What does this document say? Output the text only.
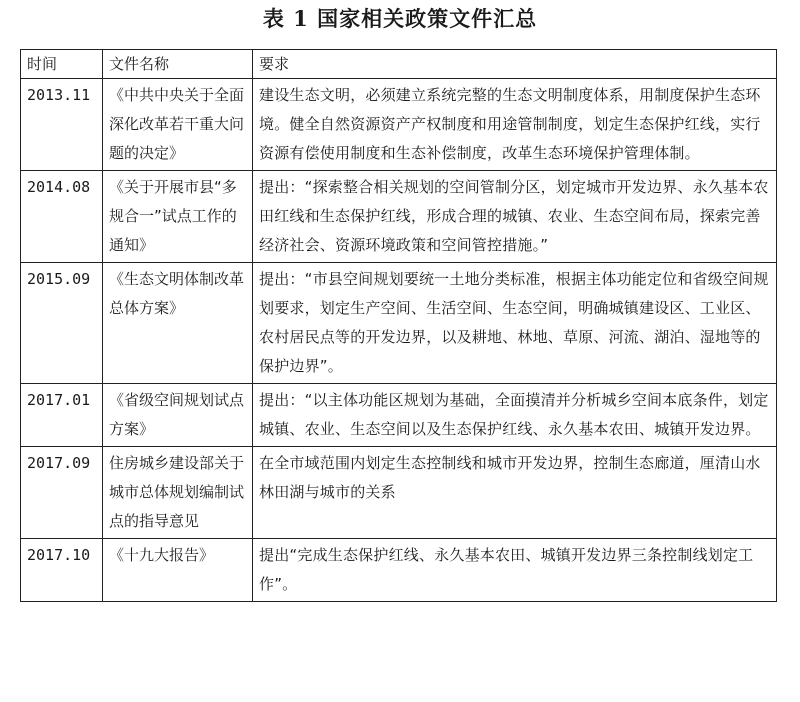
表 1 国家相关政策文件汇总
时间	文件名称	要求
2013.11	《中共中央关于全面深化改革若干重大问题的决定》	建设生态文明，必须建立系统完整的生态文明制度体系，用制度保护生态环境。健全自然资源资产产权制度和用途管制制度，划定生态保护红线，实行资源有偿使用制度和生态补偿制度，改革生态环境保护管理体制。
2014.08	《关于开展市县“多规合一”试点工作的通知》	提出：“探索整合相关规划的空间管制分区，划定城市开发边界、永久基本农田红线和生态保护红线，形成合理的城镇、农业、生态空间布局，探索完善经济社会、资源环境政策和空间管控措施。”
2015.09	《生态文明体制改革总体方案》	提出：“市县空间规划要统一土地分类标准，根据主体功能定位和省级空间规划要求，划定生产空间、生活空间、生态空间，明确城镇建设区、工业区、农村居民点等的开发边界，以及耕地、林地、草原、河流、湖泊、湿地等的保护边界”。
2017.01	《省级空间规划试点方案》	提出：“以主体功能区规划为基础，全面摸清并分析城乡空间本底条件，划定城镇、农业、生态空间以及生态保护红线、永久基本农田、城镇开发边界。
2017.09	住房城乡建设部关于城市总体规划编制试点的指导意见	在全市域范围内划定生态控制线和城市开发边界，控制生态廊道，厘清山水林田湖与城市的关系
2017.10	《十九大报告》	提出“完成生态保护红线、永久基本农田、城镇开发边界三条控制线划定工作”。
